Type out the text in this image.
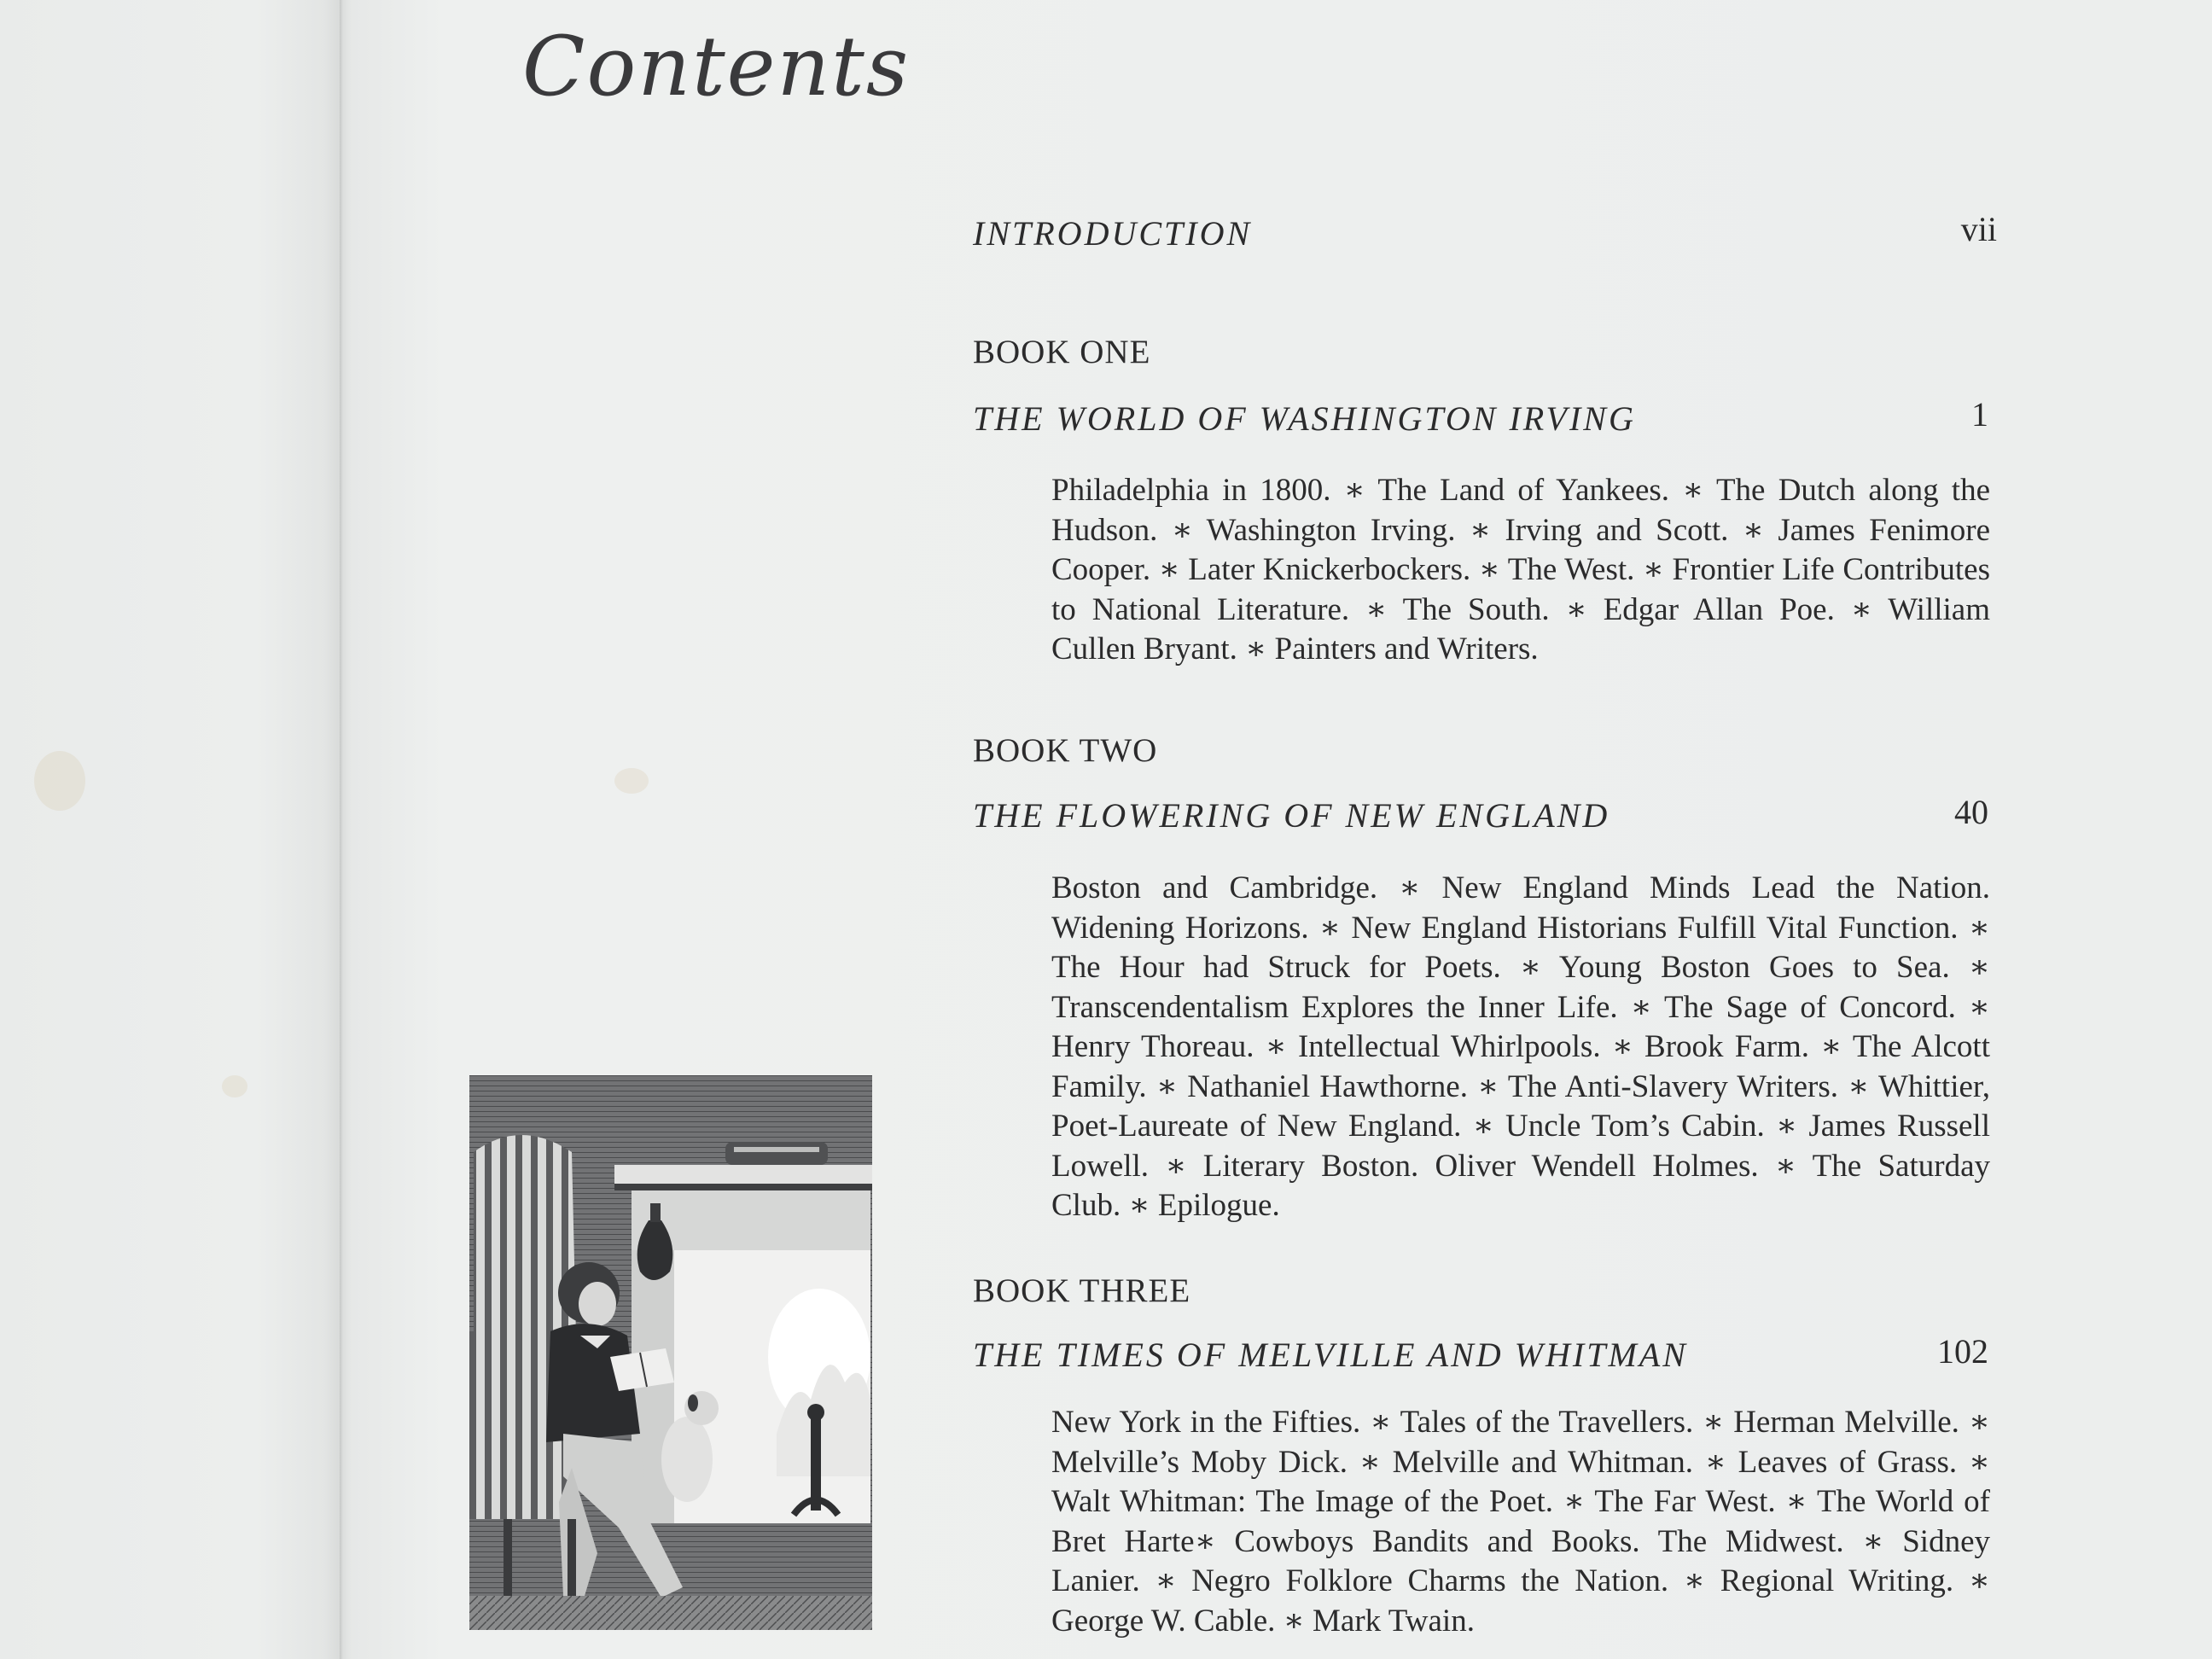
Contents
INTRODUCTION	vii
BOOK ONE
THE WORLD OF WASHINGTON IRVING	1

Philadelphia in 1800. ∗ The Land of Yankees. ∗ The Dutch along the Hudson. ∗ Washington Irving. ∗ Irving and Scott. ∗ James Fenimore Cooper. ∗ Later Knickerbockers. ∗ The West. ∗ Frontier Life Contributes to National Literature. ∗ The South. ∗ Edgar Allan Poe. ∗ William Cullen Bryant. ∗ Painters and Writers.

BOOK TWO
THE FLOWERING OF NEW ENGLAND	40

Boston and Cambridge. ∗ New England Minds Lead the Nation. Widening Horizons. ∗ New England Historians Fulfill Vital Function. ∗ The Hour had Struck for Poets. ∗ Young Boston Goes to Sea. ∗ Transcendentalism Explores the Inner Life. ∗ The Sage of Concord. ∗ Henry Thoreau. ∗ Intellectual Whirlpools. ∗ Brook Farm. ∗ The Alcott Family. ∗ Nathaniel Hawthorne. ∗ The Anti-Slavery Writers. ∗ Whittier, Poet-Laureate of New England. ∗ Uncle Tom’s Cabin. ∗ James Russell Lowell. ∗ Literary Boston. Oliver Wendell Holmes. ∗ The Saturday Club. ∗ Epilogue.

BOOK THREE
THE TIMES OF MELVILLE AND WHITMAN	102

New York in the Fifties. ∗ Tales of the Travellers. ∗ Herman Melville. ∗ Melville’s Moby Dick. ∗ Melville and Whitman. ∗ Leaves of Grass. ∗ Walt Whitman: The Image of the Poet. ∗ The Far West. ∗ The World of Bret Harte∗ Cowboys Bandits and Books. The Midwest. ∗ Sidney Lanier. ∗ Negro Folklore Charms the Nation. ∗ Regional Writing. ∗ George W. Cable. ∗ Mark Twain.
